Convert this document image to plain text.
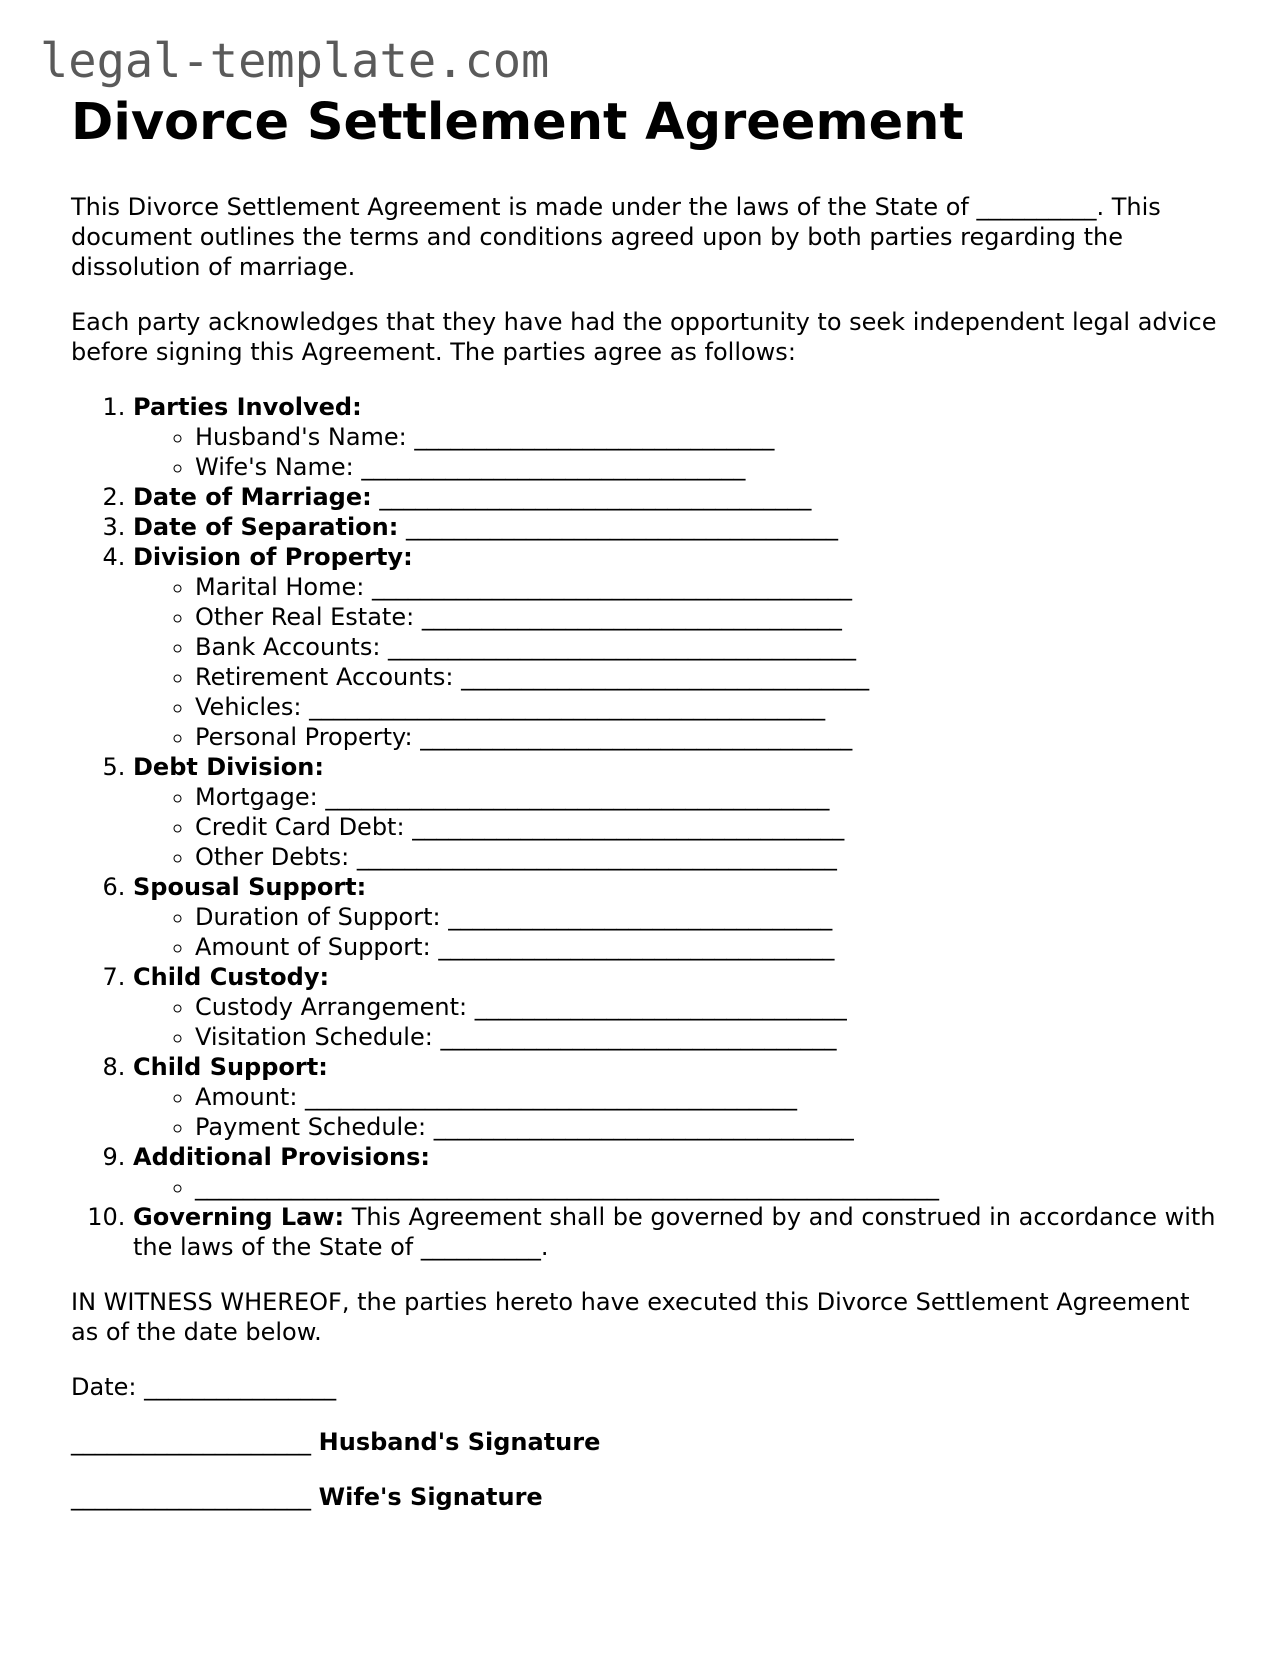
legal-template.com
Divorce Settlement Agreement

This Divorce Settlement Agreement is made under the laws of the State of __________. This document outlines the terms and conditions agreed upon by both parties regarding the dissolution of marriage.

Each party acknowledges that they have had the opportunity to seek independent legal advice before signing this Agreement. The parties agree as follows:

1. Parties Involved:
◦ Husband's Name: ______________________________
◦ Wife's Name: ________________________________
2. Date of Marriage: ____________________________________
3. Date of Separation: ____________________________________
4. Division of Property:
◦ Marital Home: ________________________________________
◦ Other Real Estate: ___________________________________
◦ Bank Accounts: _______________________________________
◦ Retirement Accounts: __________________________________
◦ Vehicles: ___________________________________________
◦ Personal Property: ____________________________________
5. Debt Division:
◦ Mortgage: __________________________________________
◦ Credit Card Debt: ____________________________________
◦ Other Debts: ________________________________________
6. Spousal Support:
◦ Duration of Support: ________________________________
◦ Amount of Support: _________________________________
7. Child Custody:
◦ Custody Arrangement: _______________________________
◦ Visitation Schedule: _________________________________
8. Child Support:
◦ Amount: _________________________________________
◦ Payment Schedule: ___________________________________
9. Additional Provisions:
◦ ______________________________________________________________
10. Governing Law: This Agreement shall be governed by and construed in accordance with the laws of the State of __________.

IN WITNESS WHEREOF, the parties hereto have executed this Divorce Settlement Agreement as of the date below.

Date: ________________

____________________ Husband's Signature

____________________ Wife's Signature
